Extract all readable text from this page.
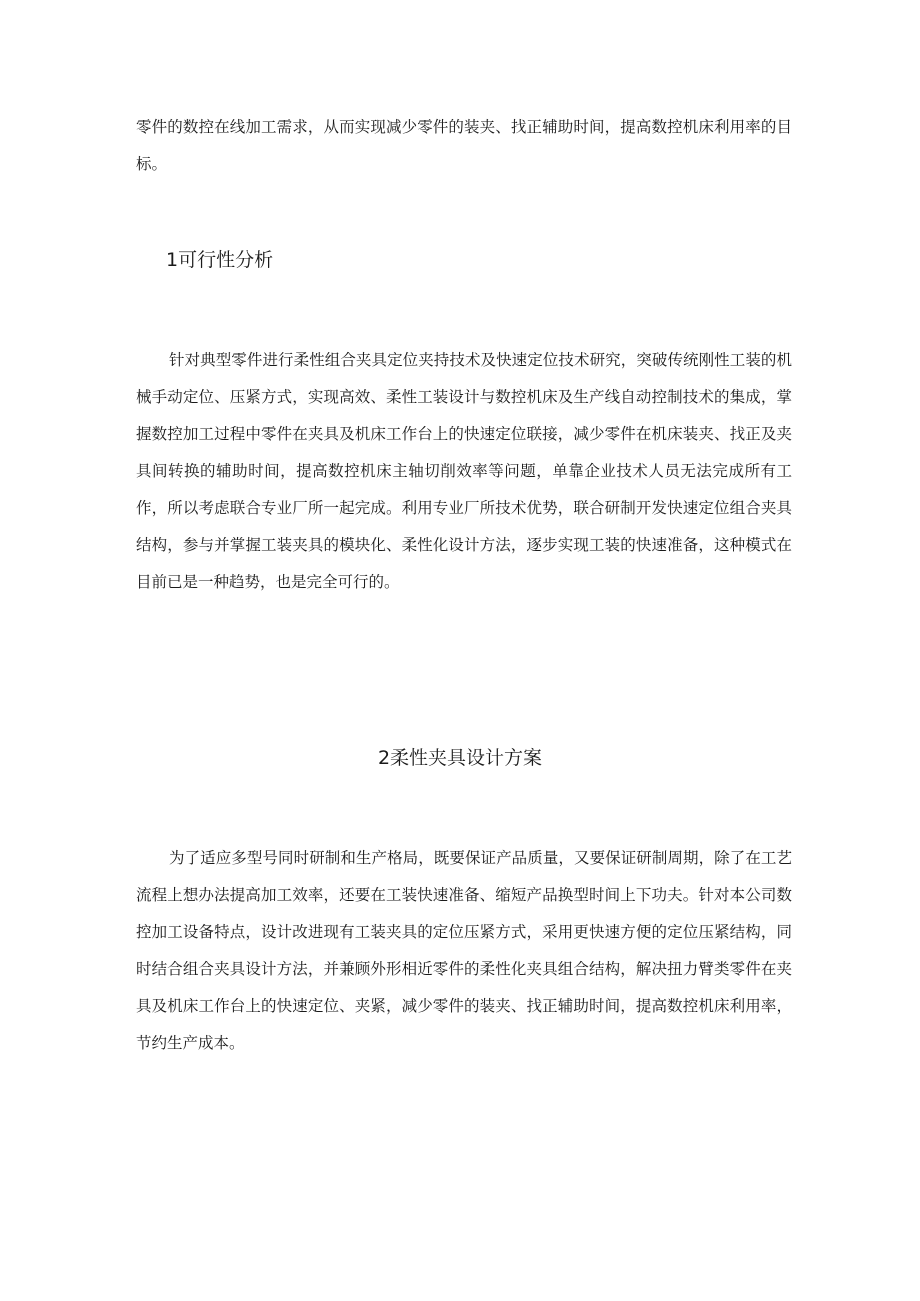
零件的数控在线加工需求，从而实现减少零件的装夹、找正辅助时间，提高数控机床利用率的目标。

1可行性分析

针对典型零件进行柔性组合夹具定位夹持技术及快速定位技术研究，突破传统刚性工装的机械手动定位、压紧方式，实现高效、柔性工装设计与数控机床及生产线自动控制技术的集成，掌握数控加工过程中零件在夹具及机床工作台上的快速定位联接，减少零件在机床装夹、找正及夹具间转换的辅助时间，提高数控机床主轴切削效率等问题，单靠企业技术人员无法完成所有工作，所以考虑联合专业厂所一起完成。利用专业厂所技术优势，联合研制开发快速定位组合夹具结构，参与并掌握工装夹具的模块化、柔性化设计方法，逐步实现工装的快速准备，这种模式在目前已是一种趋势，也是完全可行的。

2柔性夹具设计方案

为了适应多型号同时研制和生产格局，既要保证产品质量，又要保证研制周期，除了在工艺流程上想办法提高加工效率，还要在工装快速准备、缩短产品换型时间上下功夫。针对本公司数控加工设备特点，设计改进现有工装夹具的定位压紧方式，采用更快速方便的定位压紧结构，同时结合组合夹具设计方法，并兼顾外形相近零件的柔性化夹具组合结构，解决扭力臂类零件在夹具及机床工作台上的快速定位、夹紧，减少零件的装夹、找正辅助时间，提高数控机床利用率，节约生产成本。
